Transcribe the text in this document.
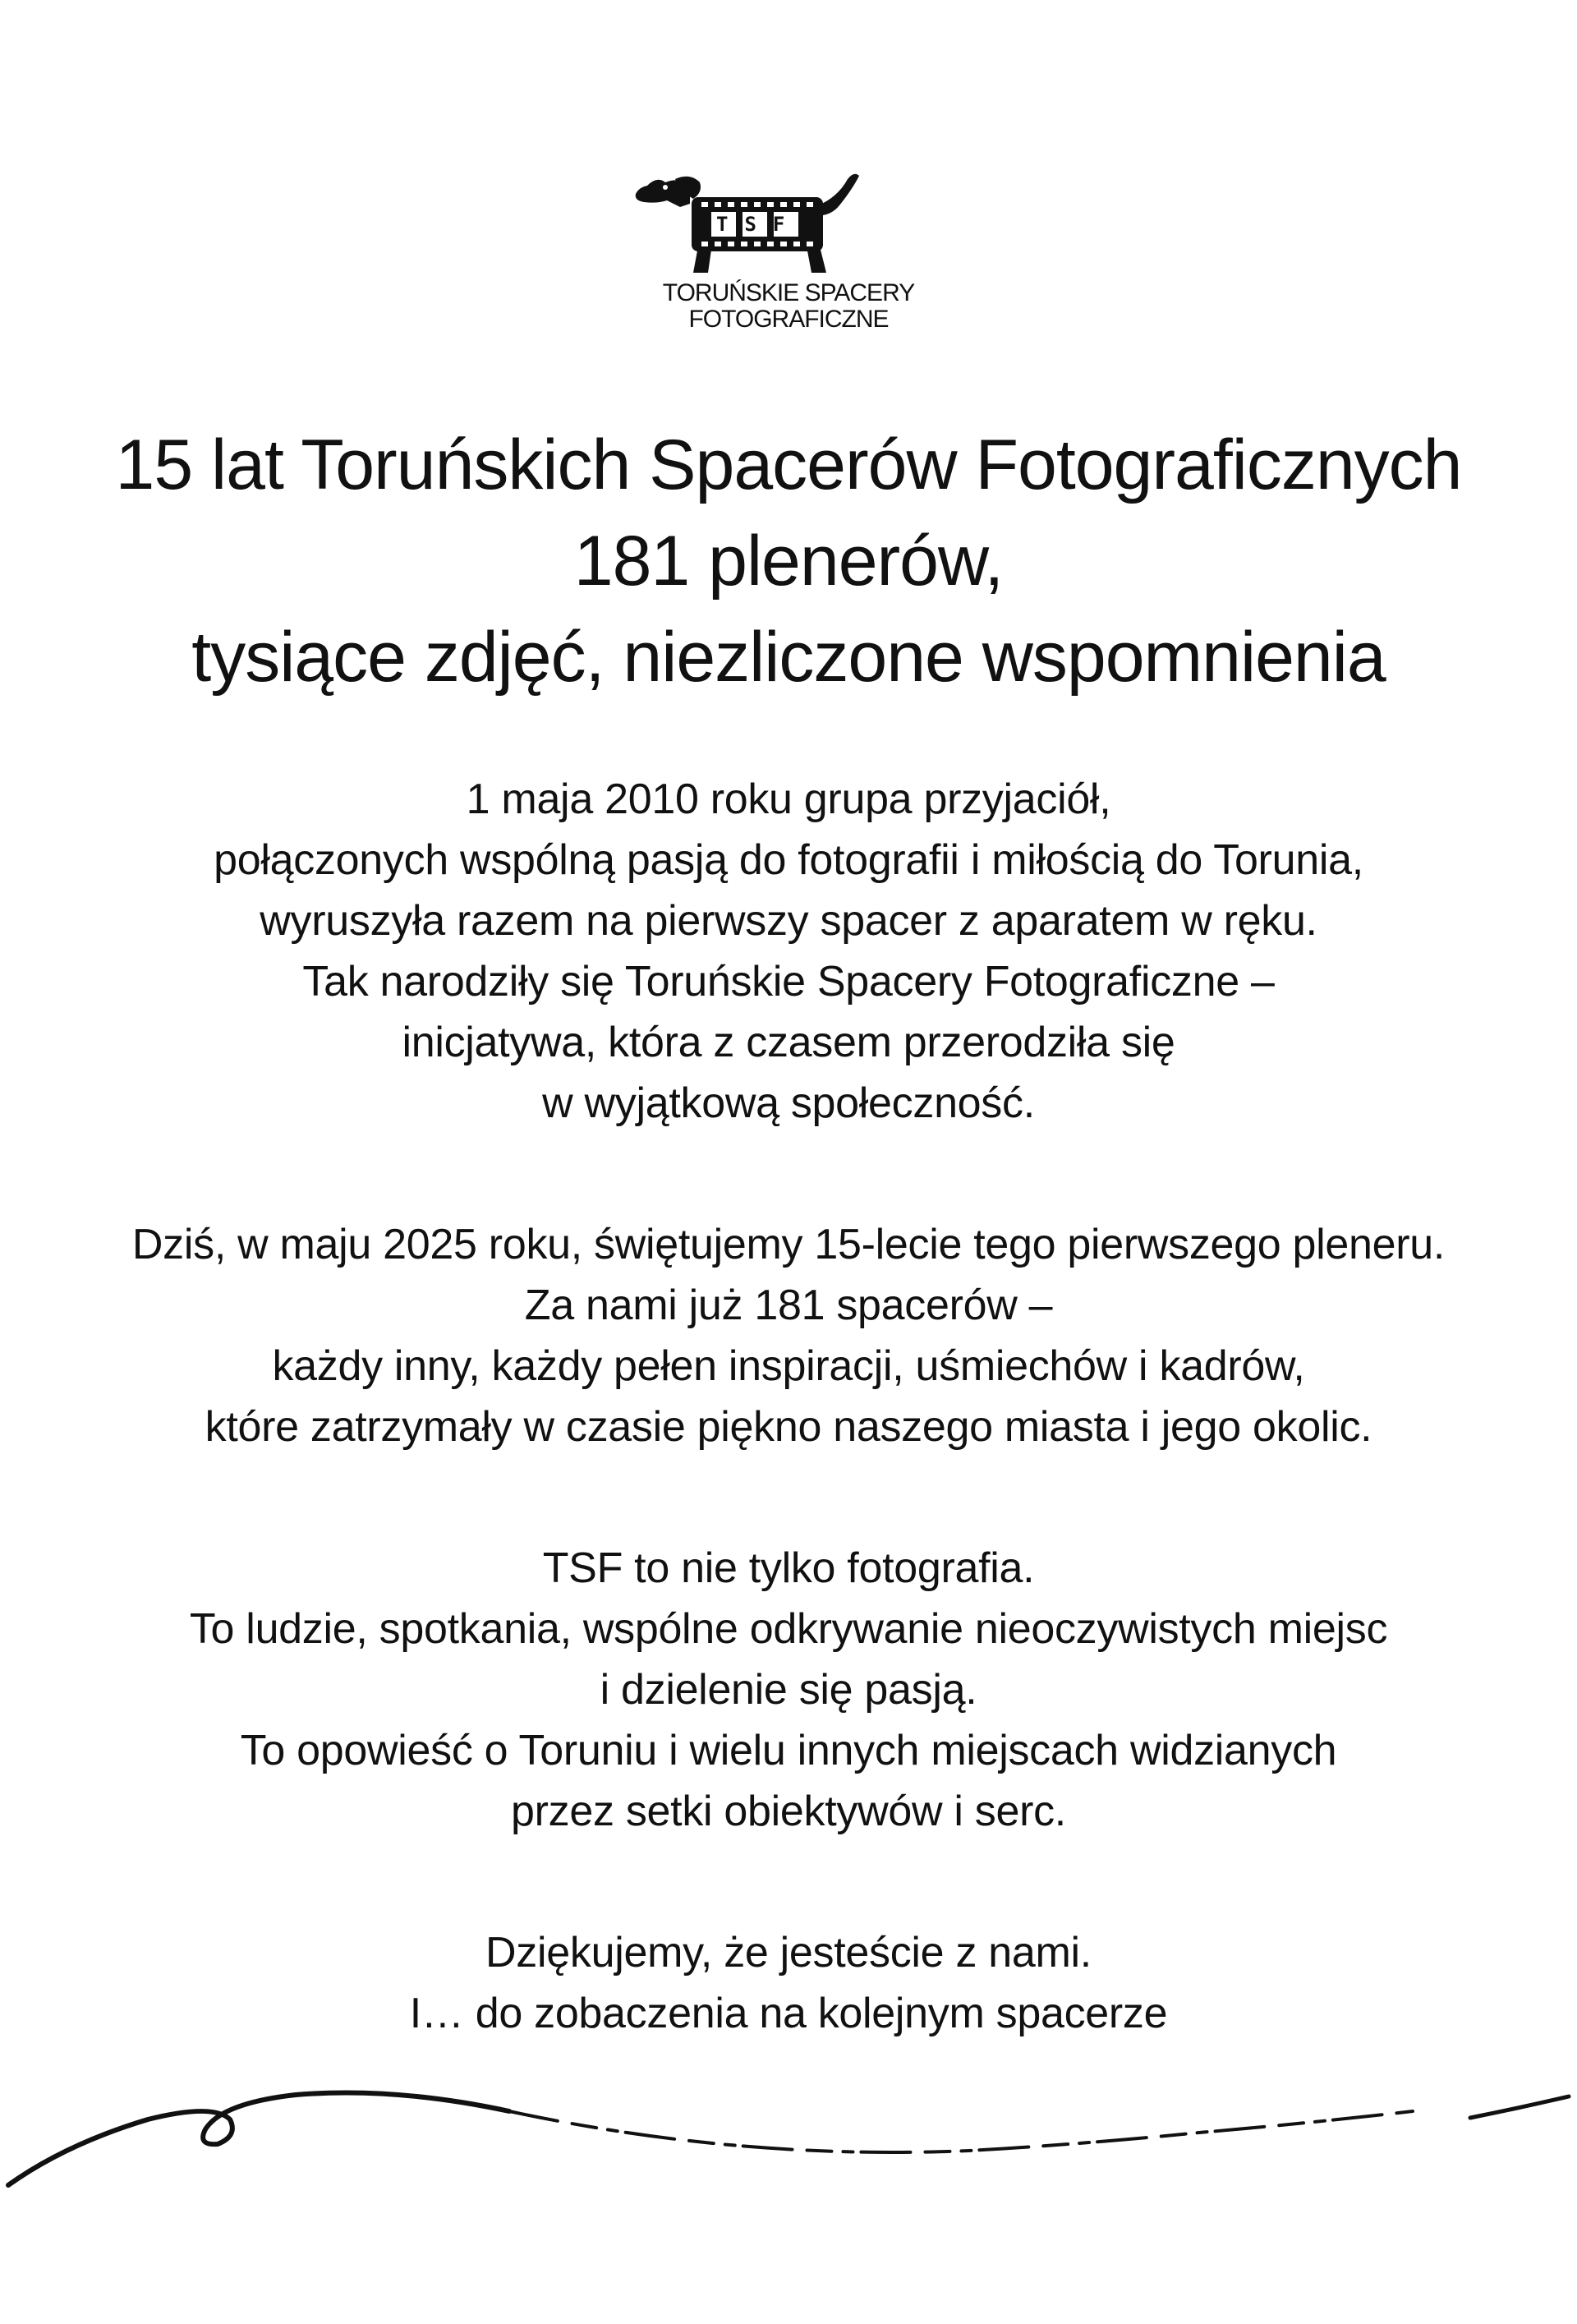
TSF
TORUŃSKIE SPACERY
FOTOGRAFICZNE
15 lat Toruńskich Spacerów Fotograficznych
181 plenerów,
tysiące zdjęć, niezliczone wspomnienia
1 maja 2010 roku grupa przyjaciół,
połączonych wspólną pasją do fotografii i miłością do Torunia,
wyruszyła razem na pierwszy spacer z aparatem w ręku.
Tak narodziły się Toruńskie Spacery Fotograficzne –
inicjatywa, która z czasem przerodziła się
w wyjątkową społeczność.
Dziś, w maju 2025 roku, świętujemy 15-lecie tego pierwszego pleneru.
Za nami już 181 spacerów –
każdy inny, każdy pełen inspiracji, uśmiechów i kadrów,
które zatrzymały w czasie piękno naszego miasta i jego okolic.
TSF to nie tylko fotografia.
To ludzie, spotkania, wspólne odkrywanie nieoczywistych miejsc
i dzielenie się pasją.
To opowieść o Toruniu i wielu innych miejscach widzianych
przez setki obiektywów i serc.
Dziękujemy, że jesteście z nami.
I… do zobaczenia na kolejnym spacerze
